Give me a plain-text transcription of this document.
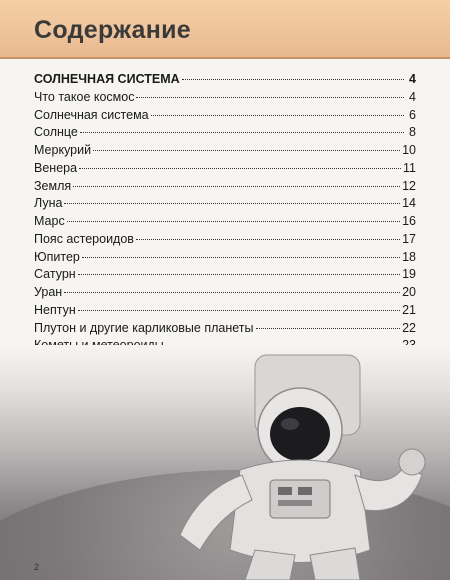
Содержание
СОЛНЕЧНАЯ СИСТЕМА	4
Что такое космос	4
Солнечная система	6
Солнце	8
Меркурий	10
Венера	11
Земля	12
Луна	14
Марс	16
Пояс астероидов	17
Юпитер	18
Сатурн	19
Уран	20
Нептун	21
Плутон и другие карликовые планеты	22
2
